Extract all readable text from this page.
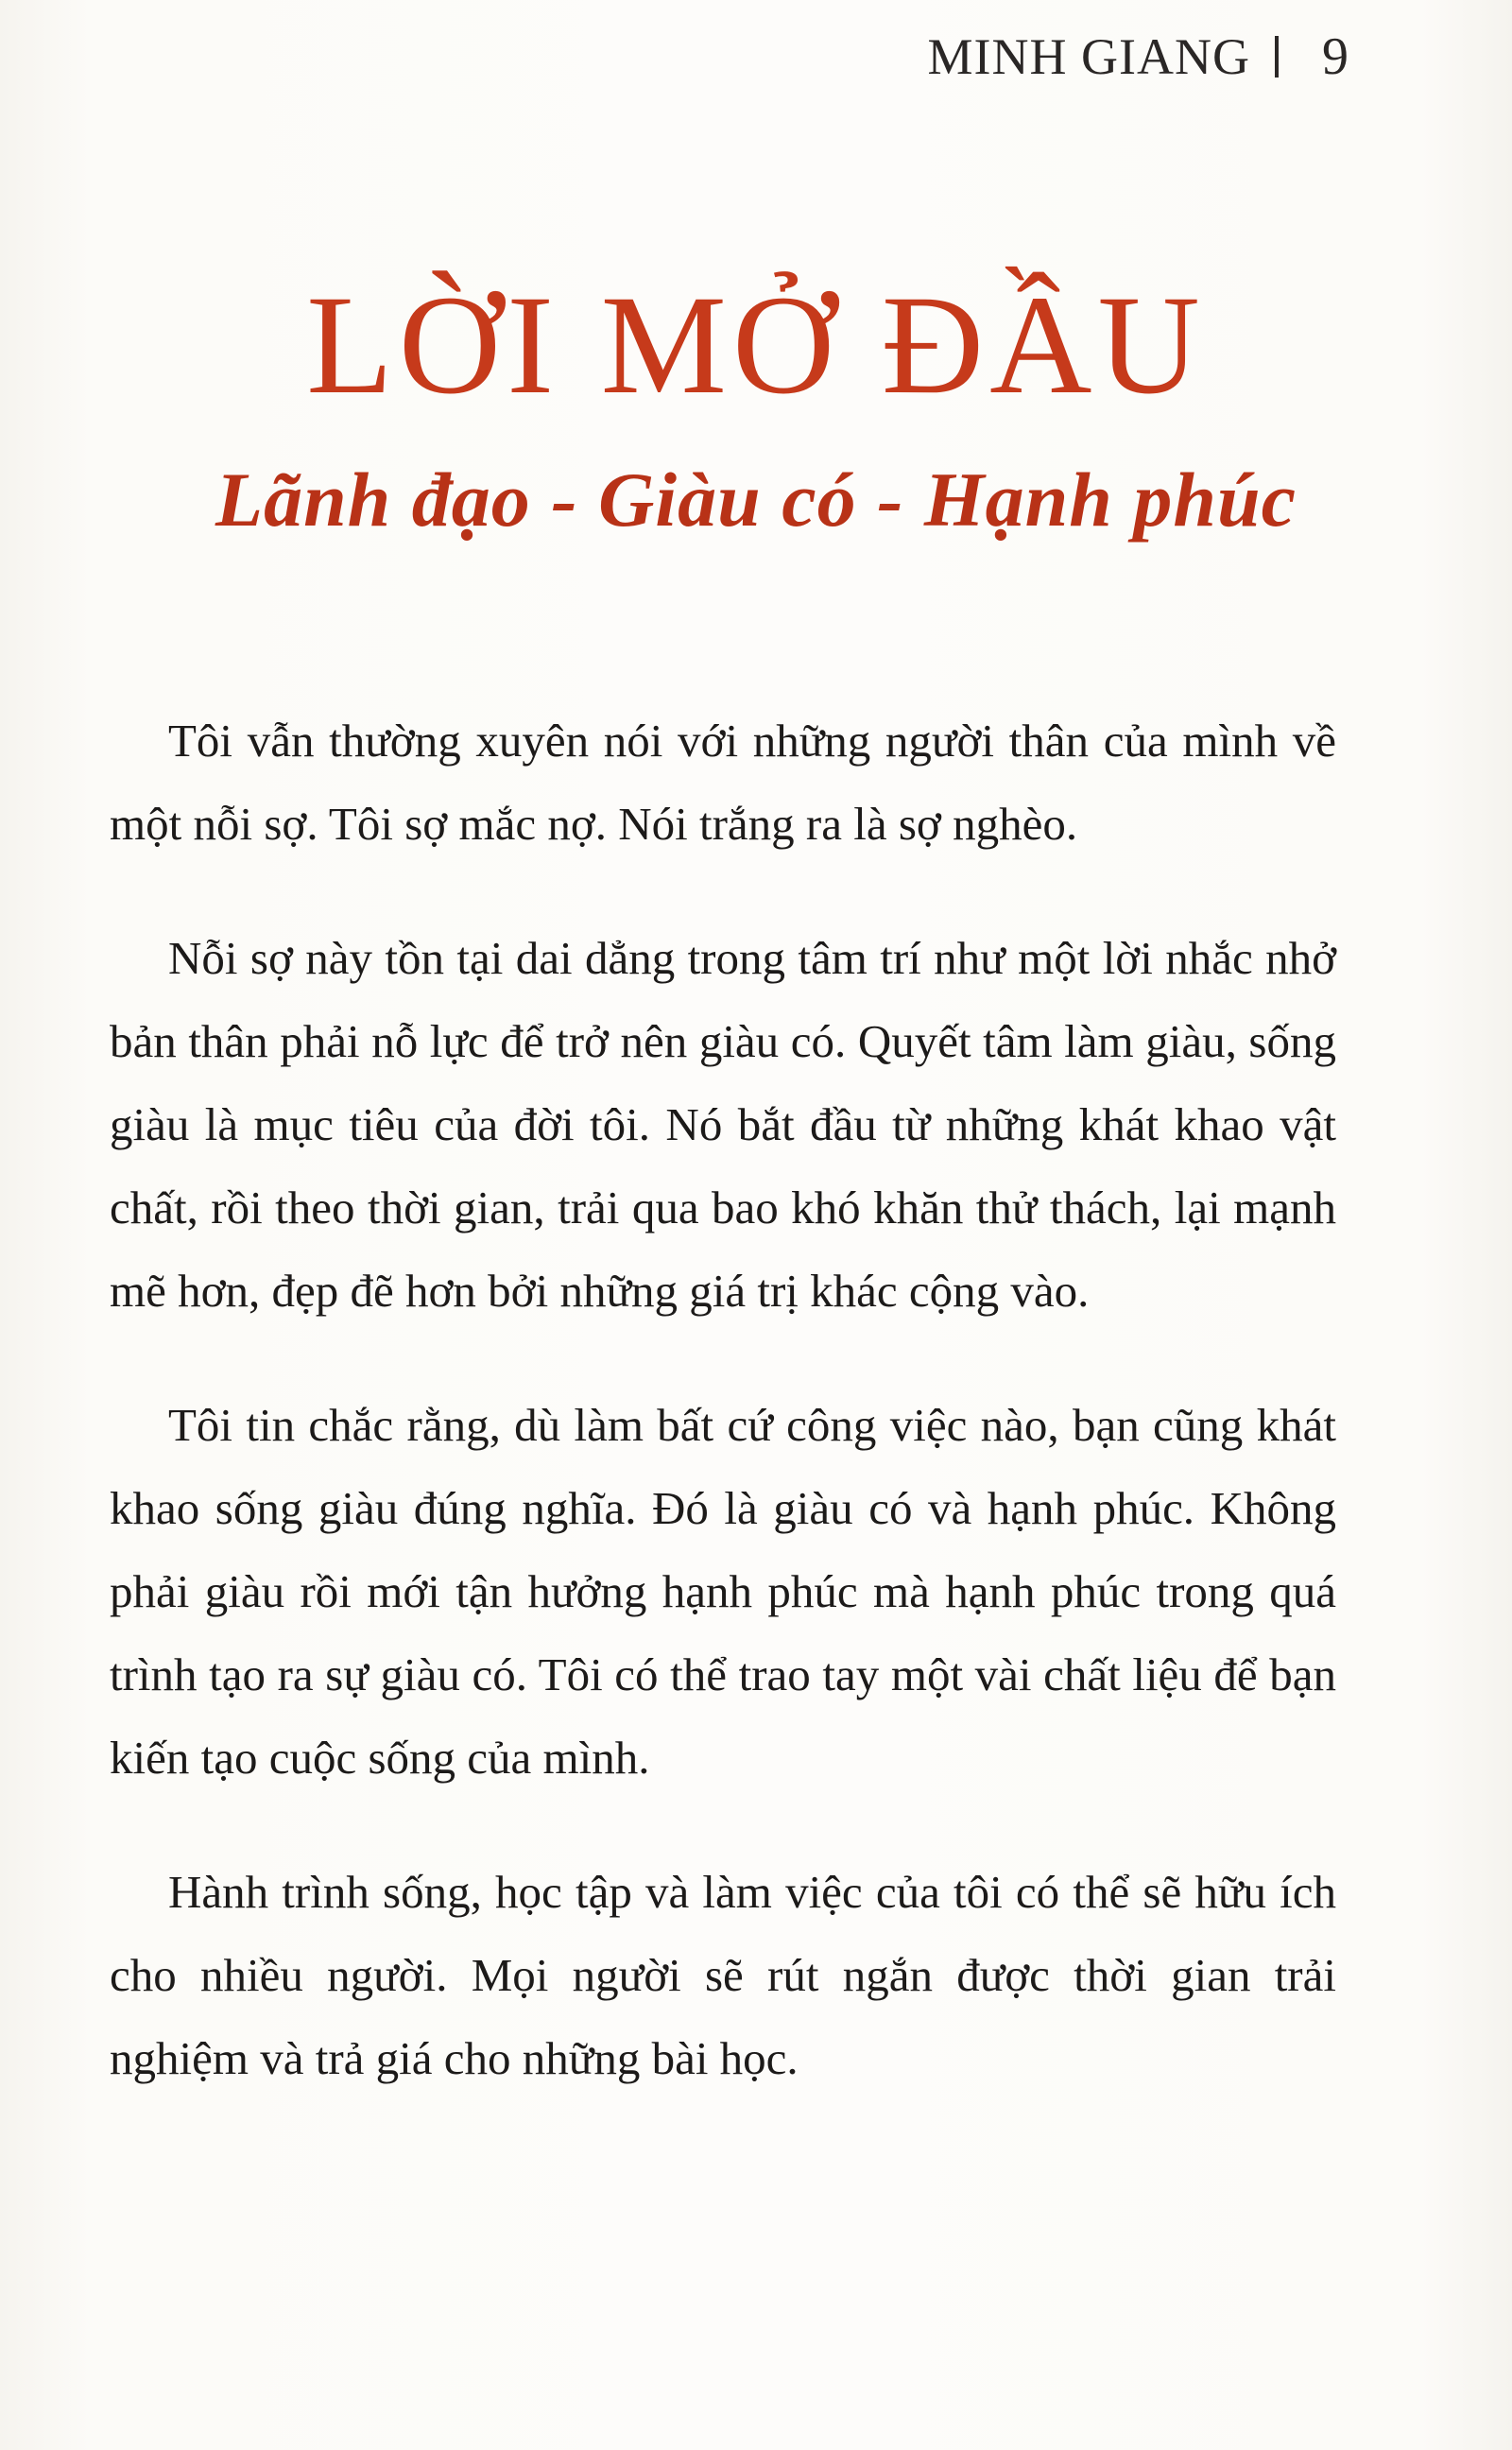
MINH GIANG 9
LỜI MỞ ĐẦU
Lãnh đạo - Giàu có - Hạnh phúc

Tôi vẫn thường xuyên nói với những người thân của mình về một nỗi sợ. Tôi sợ mắc nợ. Nói trắng ra là sợ nghèo.

Nỗi sợ này tồn tại dai dẳng trong tâm trí như một lời nhắc nhở bản thân phải nỗ lực để trở nên giàu có. Quyết tâm làm giàu, sống giàu là mục tiêu của đời tôi. Nó bắt đầu từ những khát khao vật chất, rồi theo thời gian, trải qua bao khó khăn thử thách, lại mạnh mẽ hơn, đẹp đẽ hơn bởi những giá trị khác cộng vào.

Tôi tin chắc rằng, dù làm bất cứ công việc nào, bạn cũng khát khao sống giàu đúng nghĩa. Đó là giàu có và hạnh phúc. Không phải giàu rồi mới tận hưởng hạnh phúc mà hạnh phúc trong quá trình tạo ra sự giàu có. Tôi có thể trao tay một vài chất liệu để bạn kiến tạo cuộc sống của mình.

Hành trình sống, học tập và làm việc của tôi có thể sẽ hữu ích cho nhiều người. Mọi người sẽ rút ngắn được thời gian trải nghiệm và trả giá cho những bài học.
